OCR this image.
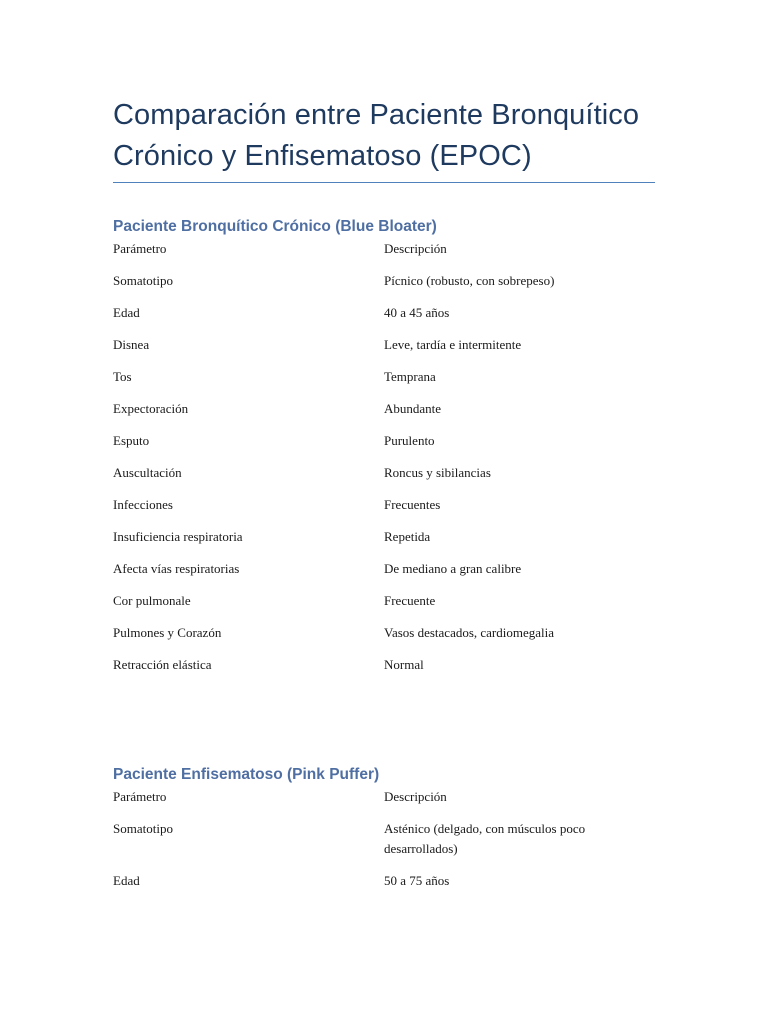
Comparación entre Paciente Bronquítico Crónico y Enfisematoso (EPOC)
Paciente Bronquítico Crónico (Blue Bloater)
Parámetro	Descripción
Somatotipo	Pícnico (robusto, con sobrepeso)
Edad	40 a 45 años
Disnea	Leve, tardía e intermitente
Tos	Temprana
Expectoración	Abundante
Esputo	Purulento
Auscultación	Roncus y sibilancias
Infecciones	Frecuentes
Insuficiencia respiratoria	Repetida
Afecta vías respiratorias	De mediano a gran calibre
Cor pulmonale	Frecuente
Pulmones y Corazón	Vasos destacados, cardiomegalia
Retracción elástica	Normal
Paciente Enfisematoso (Pink Puffer)
Parámetro	Descripción
Somatotipo	Asténico (delgado, con músculos poco desarrollados)
Edad	50 a 75 años
